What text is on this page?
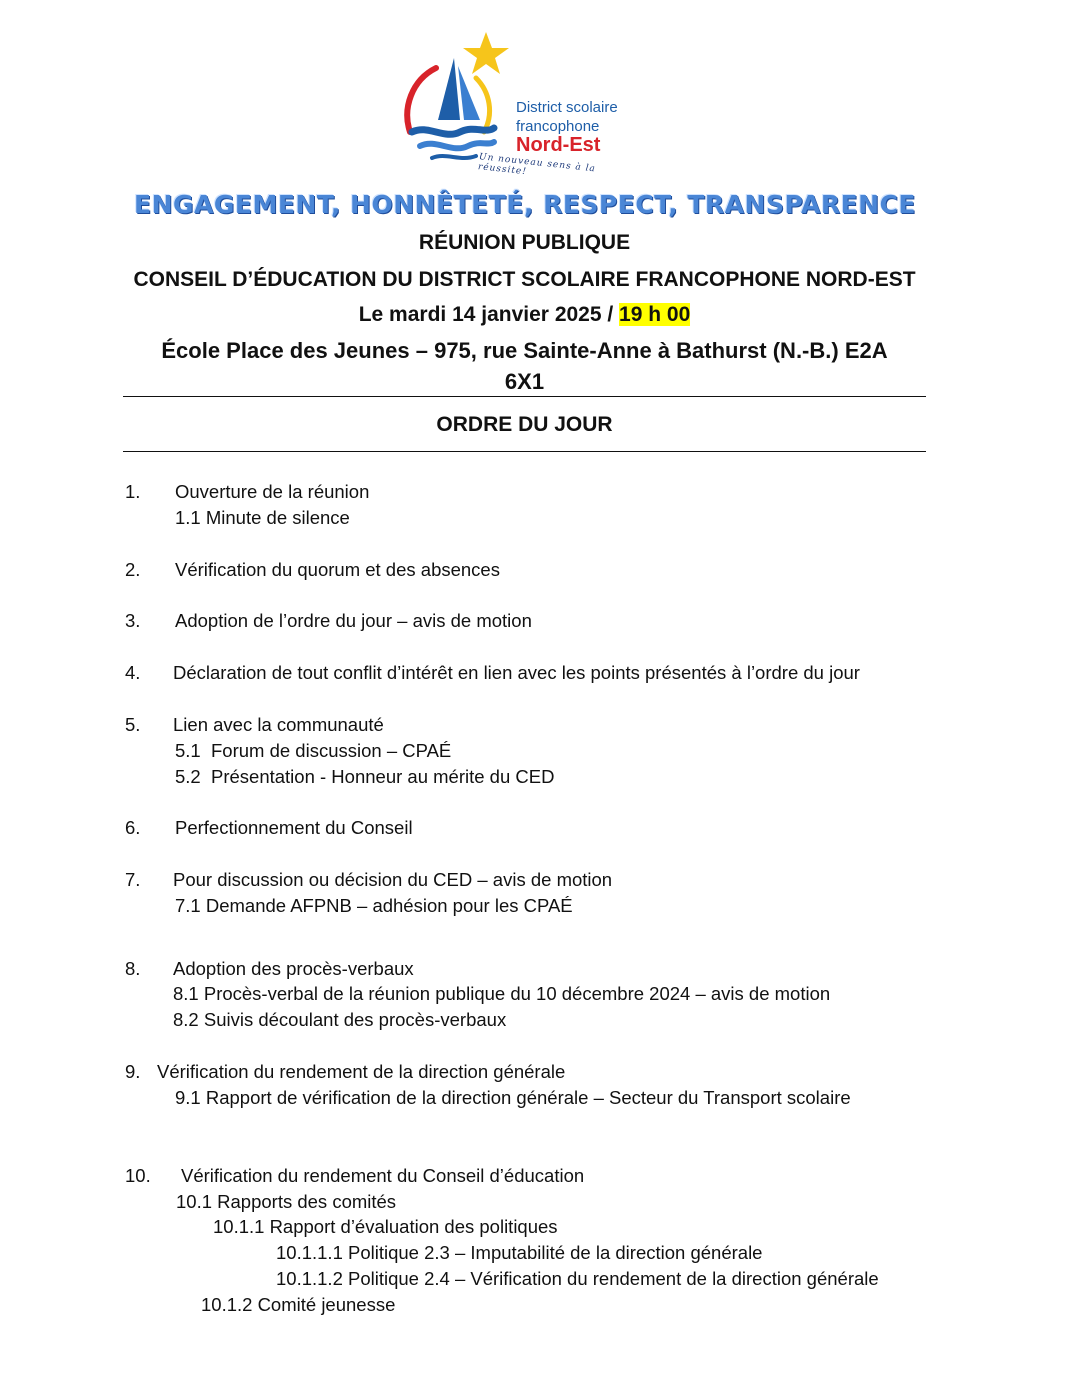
District scolaire
francophone
Nord-Est
Un nouveau sens à la réussite!
ENGAGEMENT, HONNÊTETÉ, RESPECT, TRANSPARENCE
RÉUNION PUBLIQUE
CONSEIL D’ÉDUCATION DU DISTRICT SCOLAIRE FRANCOPHONE NORD-EST
Le mardi 14 janvier 2025 / 19 h 00
École Place des Jeunes – 975, rue Sainte-Anne à Bathurst (N.-B.) E2A
6X1
ORDRE DU JOUR
1. Ouverture de la réunion
1.1 Minute de silence
2. Vérification du quorum et des absences
3. Adoption de l’ordre du jour – avis de motion
4. Déclaration de tout conflit d’intérêt en lien avec les points présentés à l’ordre du jour
5. Lien avec la communauté
5.1  Forum de discussion – CPAÉ
5.2  Présentation - Honneur au mérite du CED
6. Perfectionnement du Conseil
7. Pour discussion ou décision du CED – avis de motion
7.1 Demande AFPNB – adhésion pour les CPAÉ
8. Adoption des procès-verbaux
8.1 Procès-verbal de la réunion publique du 10 décembre 2024 – avis de motion
8.2 Suivis découlant des procès-verbaux
9. Vérification du rendement de la direction générale
9.1 Rapport de vérification de la direction générale – Secteur du Transport scolaire
10. Vérification du rendement du Conseil d’éducation
10.1 Rapports des comités
10.1.1 Rapport d’évaluation des politiques
10.1.1.1 Politique 2.3 – Imputabilité de la direction générale
10.1.1.2 Politique 2.4 – Vérification du rendement de la direction générale
10.1.2 Comité jeunesse
